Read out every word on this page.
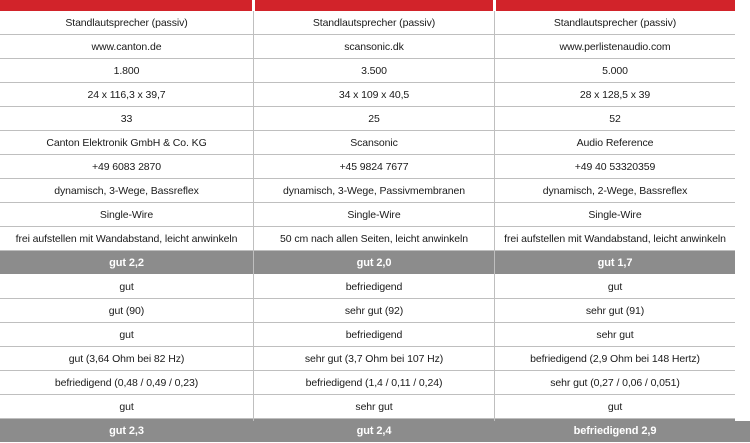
Standlautsprecher (passiv)	Standlautsprecher (passiv)	Standlautsprecher (passiv)
www.canton.de	scansonic.dk	www.perlistenaudio.com
1.800	3.500	5.000
24 x 116,3 x 39,7	34 x 109 x 40,5	28 x 128,5 x 39
33	25	52
Canton Elektronik GmbH & Co. KG	Scansonic	Audio Reference
+49 6083 2870	+45 9824 7677	+49 40 53320359
dynamisch, 3-Wege, Bassreflex	dynamisch, 3-Wege, Passivmembranen	dynamisch, 2-Wege, Bassreflex
Single-Wire	Single-Wire	Single-Wire
frei aufstellen mit Wandabstand, leicht anwinkeln	50 cm nach allen Seiten, leicht anwinkeln	frei aufstellen mit Wandabstand, leicht anwinkeln
gut 2,2	gut 2,0	gut 1,7
gut	befriedigend	gut
gut (90)	sehr gut (92)	sehr gut (91)
gut	befriedigend	sehr gut
gut (3,64 Ohm bei 82 Hz)	sehr gut (3,7 Ohm bei 107 Hz)	befriedigend (2,9 Ohm bei 148 Hertz)
befriedigend (0,48 / 0,49 / 0,23)	befriedigend (1,4 / 0,11 / 0,24)	sehr gut (0,27 / 0,06 / 0,051)
gut	sehr gut	gut
gut 2,3	gut 2,4	befriedigend 2,9
